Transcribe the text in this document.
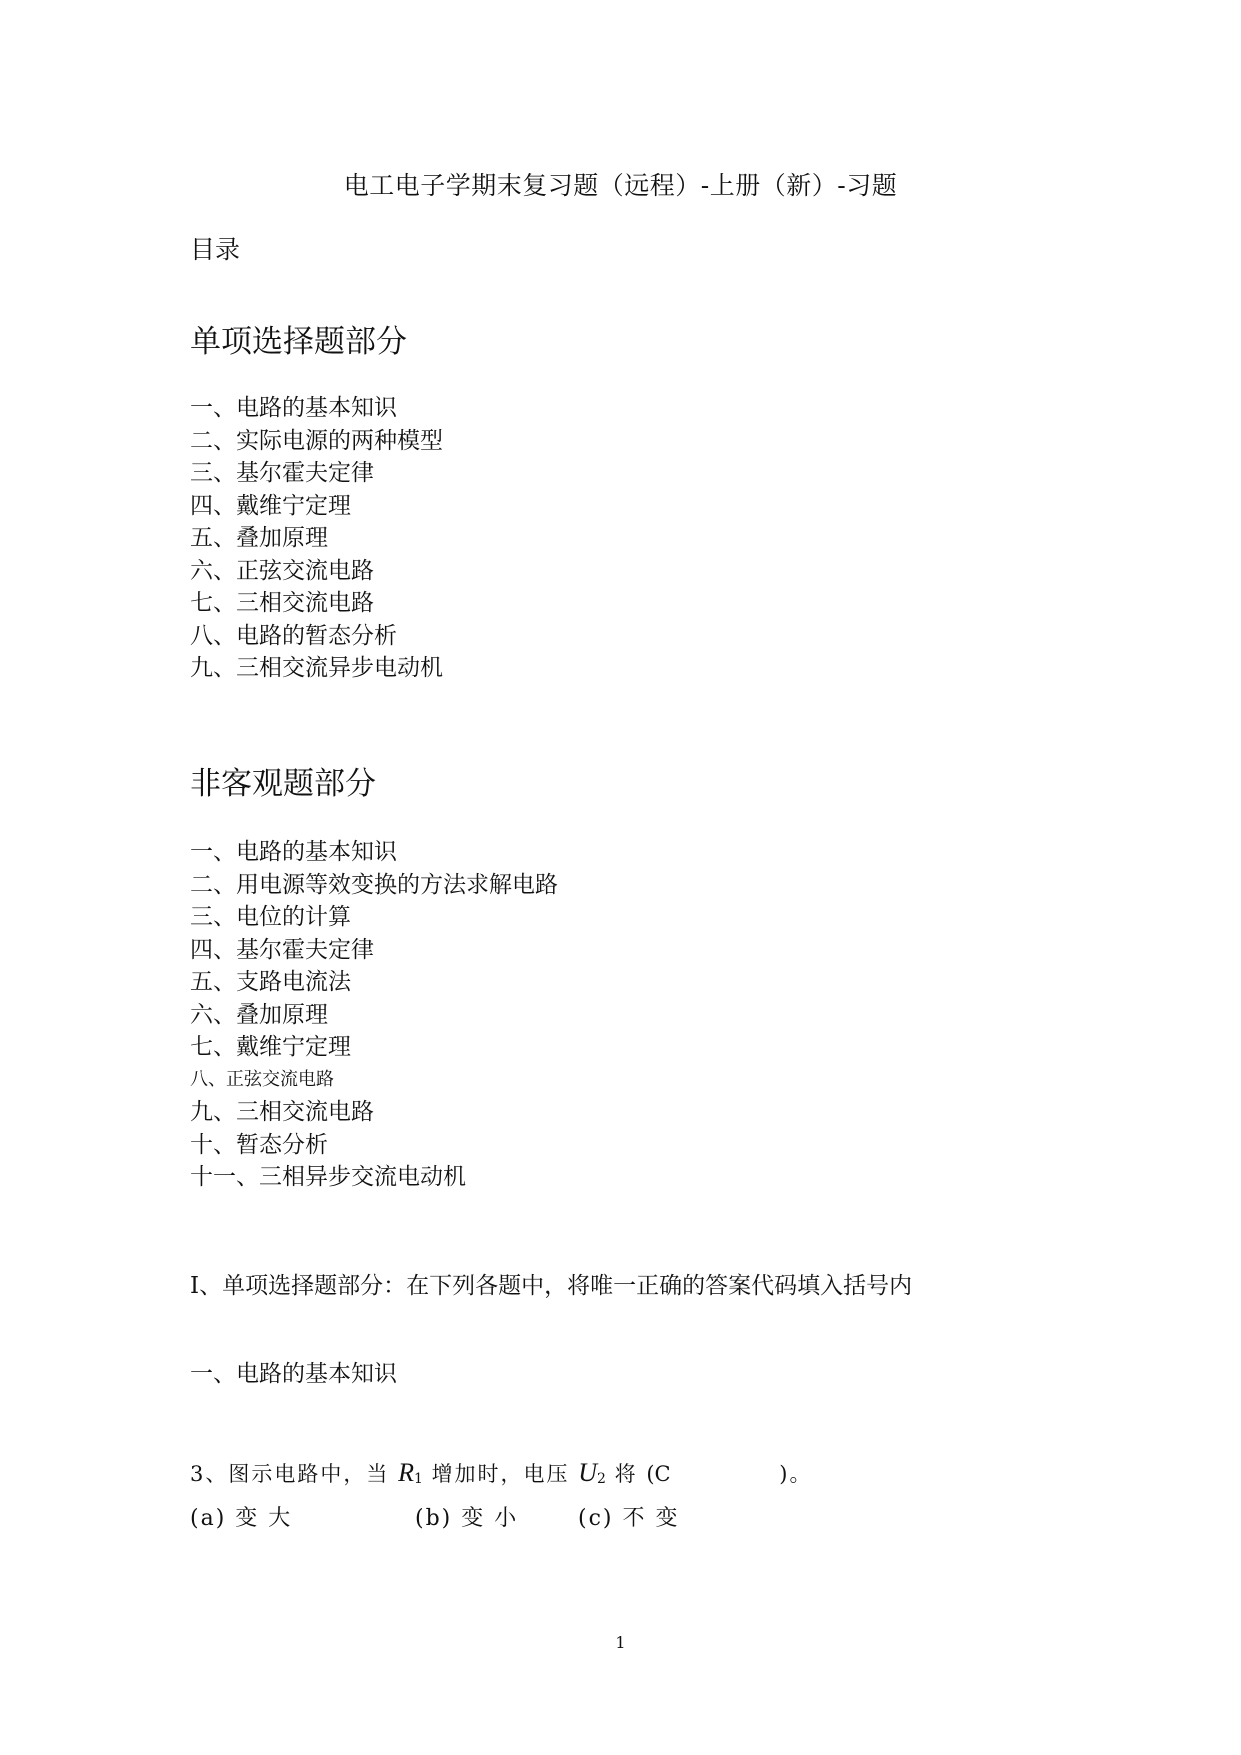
电工电子学期末复习题（远程）-上册（新）-习题
目录
单项选择题部分
一、电路的基本知识
二、实际电源的两种模型
三、基尔霍夫定律
四、戴维宁定理
五、叠加原理
六、正弦交流电路
七、三相交流电路
八、电路的暂态分析
九、三相交流异步电动机
非客观题部分
一、电路的基本知识
二、用电源等效变换的方法求解电路
三、电位的计算
四、基尔霍夫定律
五、支路电流法
六、叠加原理
七、戴维宁定理
八、正弦交流电路
九、三相交流电路
十、暂态分析
十一、三相异步交流电动机
Ⅰ、单项选择题部分：在下列各题中，将唯一正确的答案代码填入括号内
一、电路的基本知识
3、图示电路中，当 $R_1$ 增加时，电压 $U_2$ 将 (C	)。
(a) 变 大	(b) 变 小	(c) 不 变
1
